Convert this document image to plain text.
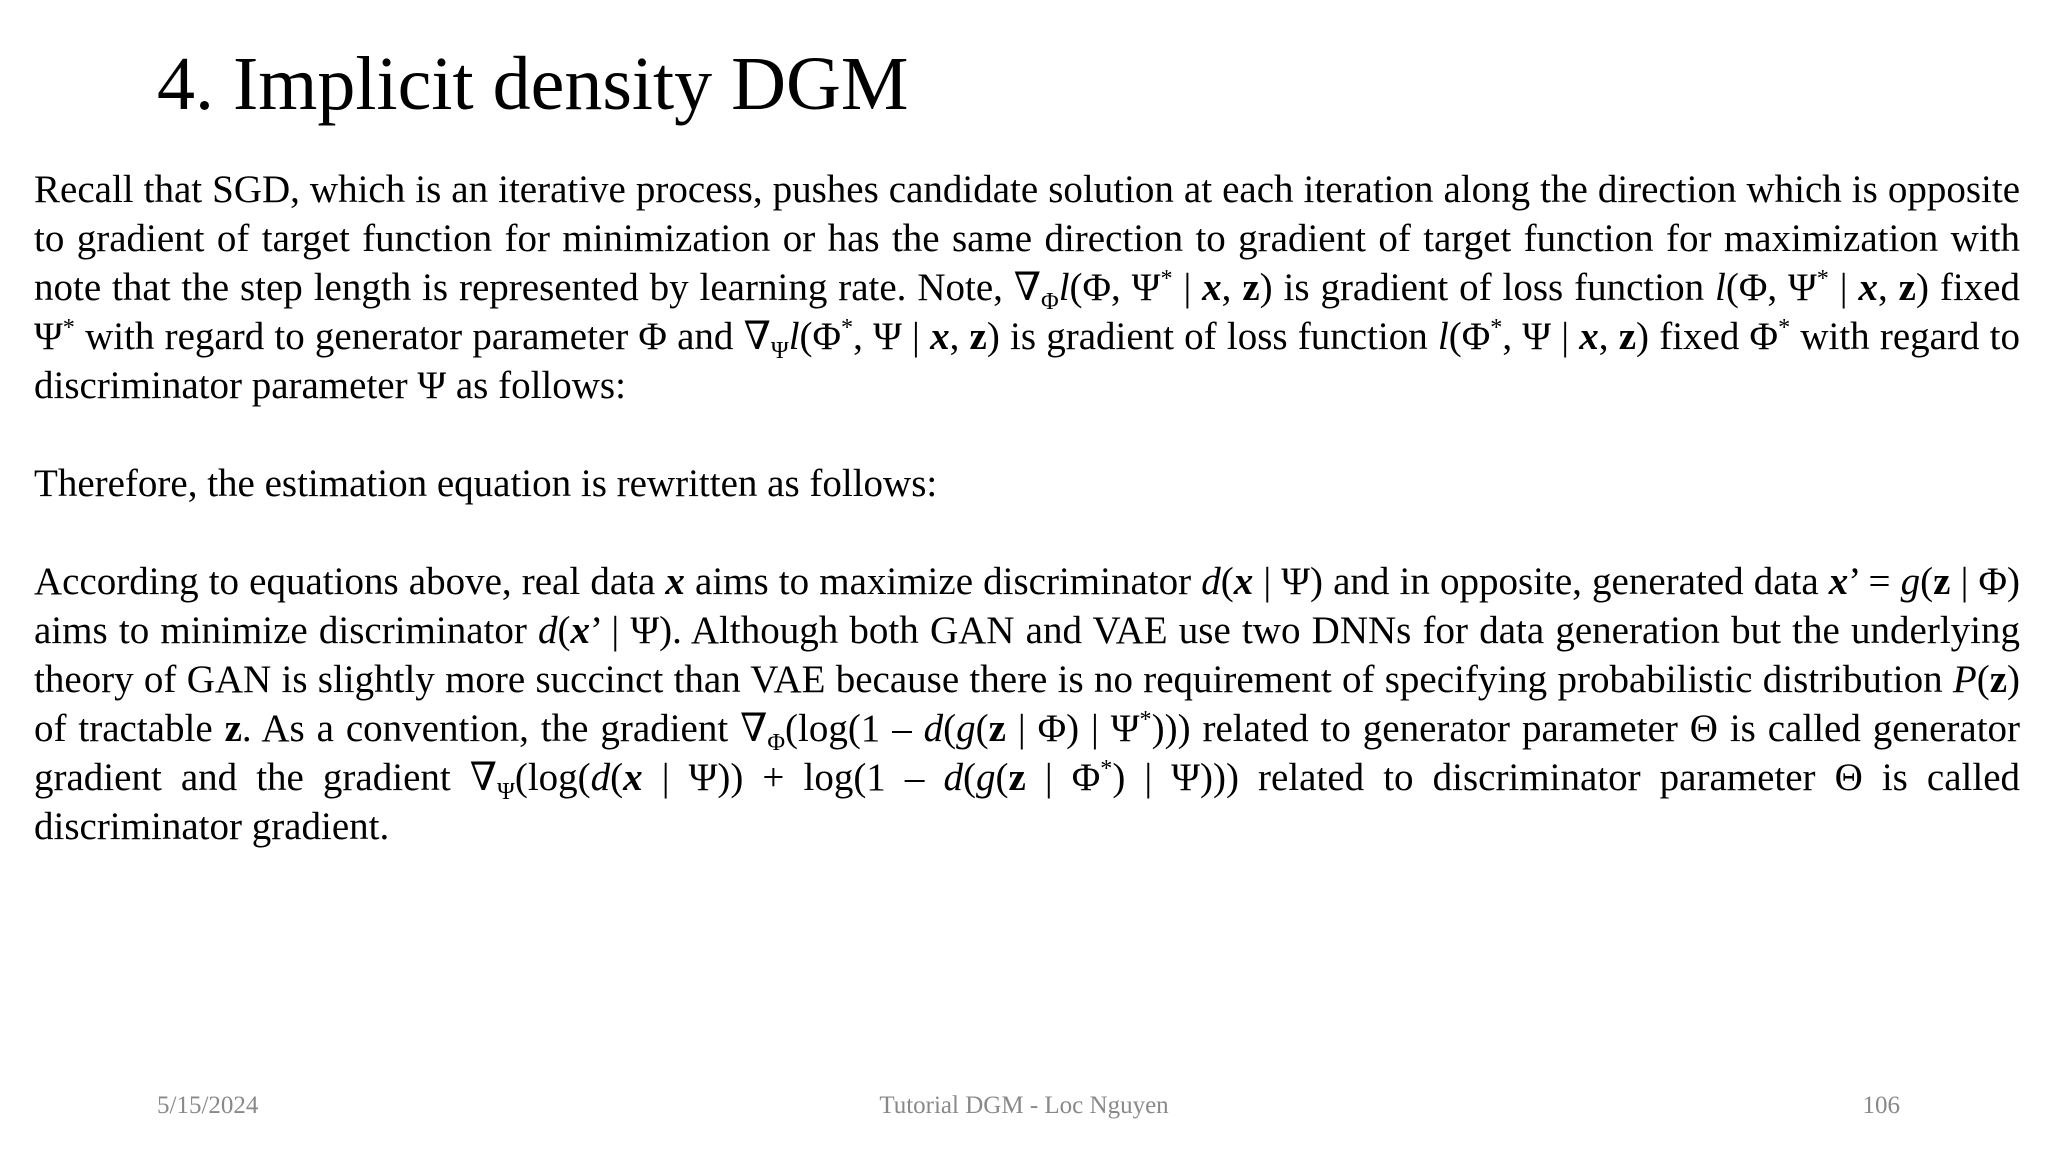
4. Implicit density DGM

Recall that SGD, which is an iterative process, pushes candidate solution at each iteration along the direction which is opposite to gradient of target function for minimization or has the same direction to gradient of target function for maximization with note that the step length is represented by learning rate. Note, $\nabla_\Phi l(\Phi$, Ψ* | x, z) is gradient of loss function l(Φ, Ψ* | x, z) fixed Ψ* with regard to generator parameter Φ and $\nabla_\Psi l(\Phi^*$, Ψ | x, z) is gradient of loss function l(Φ*, Ψ | x, z) fixed Φ* with regard to discriminator parameter Ψ as follows:

Therefore, the estimation equation is rewritten as follows:

According to equations above, real data x aims to maximize discriminator d(x | Ψ) and in opposite, generated data x’ = g(z | Φ) aims to minimize discriminator d(x’ | Ψ). Although both GAN and VAE use two DNNs for data generation but the underlying theory of GAN is slightly more succinct than VAE because there is no requirement of specifying probabilistic distribution P(z) of tractable z. As a convention, the gradient $\nabla_\Phi(\log(1 - d(g(z$ | Φ) | Ψ*))) related to generator parameter Θ is called generator gradient and the gradient $\nabla_\Psi(\log(d(x$ | Ψ)) + log(1 – d(g(z | Φ*) | Ψ))) related to discriminator parameter Θ is called discriminator gradient.

5/15/2024	Tutorial DGM - Loc Nguyen	106
